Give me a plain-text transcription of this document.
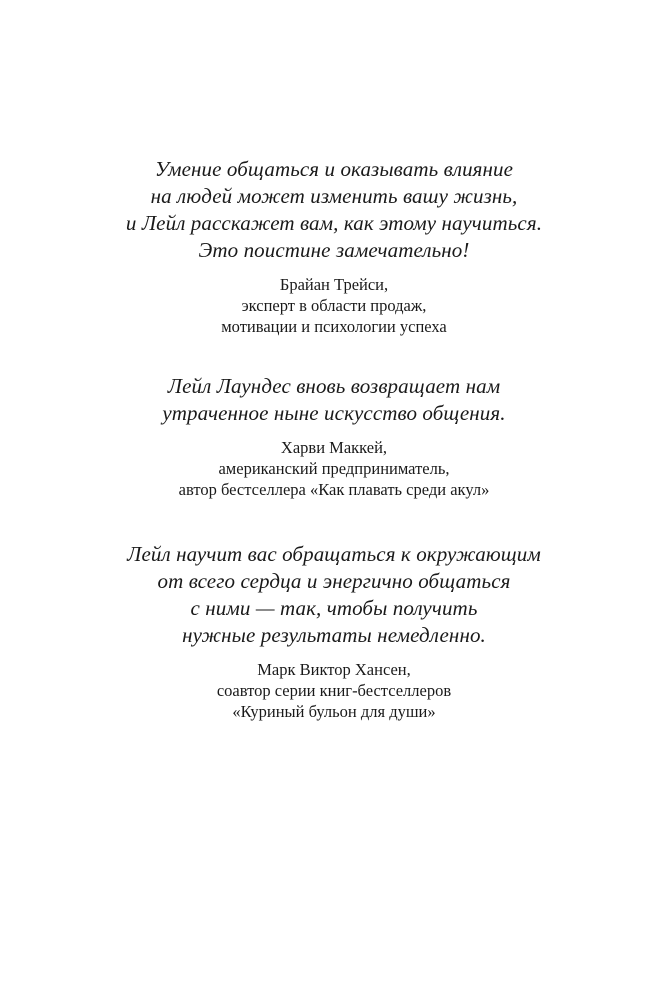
Умение общаться и оказывать влияние
на людей может изменить вашу жизнь,
и Лейл расскажет вам, как этому научиться.
Это поистине замечательно!
Брайан Трейси,
эксперт в области продаж,
мотивации и психологии успеха
Лейл Лаундес вновь возвращает нам
утраченное ныне искусство общения.
Харви Маккей,
американский предприниматель,
автор бестселлера «Как плавать среди акул»
Лейл научит вас обращаться к окружающим
от всего сердца и энергично общаться
с ними — так, чтобы получить
нужные результаты немедленно.
Марк Виктор Хансен,
соавтор серии книг-бестселлеров
«Куриный бульон для души»
